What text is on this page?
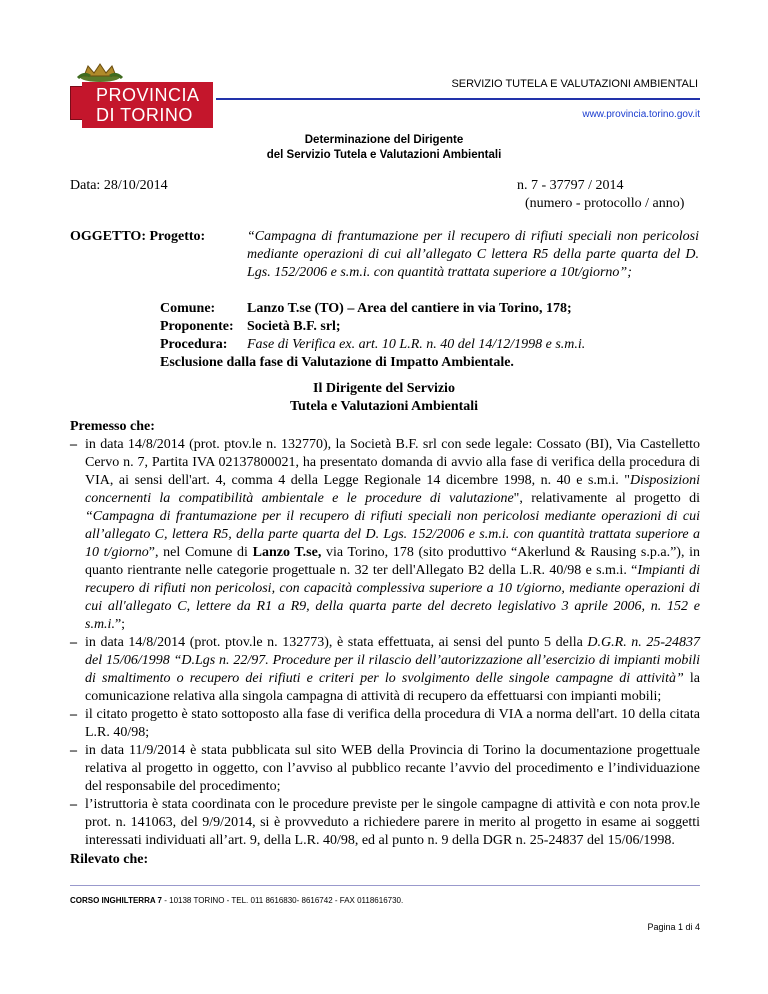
PROVINCIA
DI TORINO
SERVIZIO TUTELA E VALUTAZIONI AMBIENTALI
www.provincia.torino.gov.it
Determinazione del Dirigente
del Servizio Tutela e Valutazioni Ambientali
Data: 28/10/2014	n. 7 - 37797 / 2014
(numero - protocollo / anno)
OGGETTO: Progetto:	“Campagna di frantumazione per il recupero di rifiuti speciali non pericolosi mediante operazioni di cui all’allegato C lettera R5 della parte quarta del D. Lgs. 152/2006 e s.m.i. con quantità trattata superiore a 10t/giorno”;
Comune: Lanzo T.se (TO) – Area del cantiere in via Torino, 178;
Proponente: Società B.F. srl;
Procedura: Fase di Verifica ex. art. 10 L.R. n. 40 del 14/12/1998 e s.m.i.
Esclusione dalla fase di Valutazione di Impatto Ambientale.
Il Dirigente del Servizio
Tutela e Valutazioni Ambientali
Premesso che:
– in data 14/8/2014 (prot. ptov.le n. 132770), la Società B.F. srl con sede legale: Cossato (BI), Via Castelletto Cervo n. 7, Partita IVA 02137800021, ha presentato domanda di avvio alla fase di verifica della procedura di VIA, ai sensi dell'art. 4, comma 4 della Legge Regionale 14 dicembre 1998, n. 40 e s.m.i. "Disposizioni concernenti la compatibilità ambientale e le procedure di valutazione", relativamente al progetto di “Campagna di frantumazione per il recupero di rifiuti speciali non pericolosi mediante operazioni di cui all’allegato C, lettera R5, della parte quarta del D. Lgs. 152/2006 e s.m.i. con quantità trattata superiore a 10 t/giorno”, nel Comune di Lanzo T.se, via Torino, 178 (sito produttivo “Akerlund & Rausing s.p.a.”), in quanto rientrante nelle categorie progettuale n. 32 ter dell'Allegato B2 della L.R. 40/98 e s.m.i. “Impianti di recupero di rifiuti non pericolosi, con capacità complessiva superiore a 10 t/giorno, mediante operazioni di cui all'allegato C, lettere da R1 a R9, della quarta parte del decreto legislativo 3 aprile 2006, n. 152 e s.m.i.”;
– in data 14/8/2014 (prot. ptov.le n. 132773), è stata effettuata, ai sensi del punto 5 della D.G.R. n. 25-24837 del 15/06/1998 “D.Lgs n. 22/97. Procedure per il rilascio dell’autorizzazione all’esercizio di impianti mobili di smaltimento o recupero dei rifiuti e criteri per lo svolgimento delle singole campagne di attività” la comunicazione relativa alla singola campagna di attività di recupero da effettuarsi con impianti mobili;
– il citato progetto è stato sottoposto alla fase di verifica della procedura di VIA a norma dell'art. 10 della citata L.R. 40/98;
– in data 11/9/2014 è stata pubblicata sul sito WEB della Provincia di Torino la documentazione progettuale relativa al progetto in oggetto, con l’avviso al pubblico recante l’avvio del procedimento e l’individuazione del responsabile del procedimento;
– l’istruttoria è stata coordinata con le procedure previste per le singole campagne di attività e con nota prov.le prot. n. 141063, del 9/9/2014, si è provveduto a richiedere parere in merito al progetto in esame ai soggetti interessati individuati all’art. 9, della L.R. 40/98, ed al punto n. 9 della DGR n. 25-24837 del 15/06/1998.
Rilevato che:
CORSO INGHILTERRA 7 - 10138 TORINO - TEL. 011 8616830- 8616742 - FAX 0118616730.
Pagina 1 di 4
